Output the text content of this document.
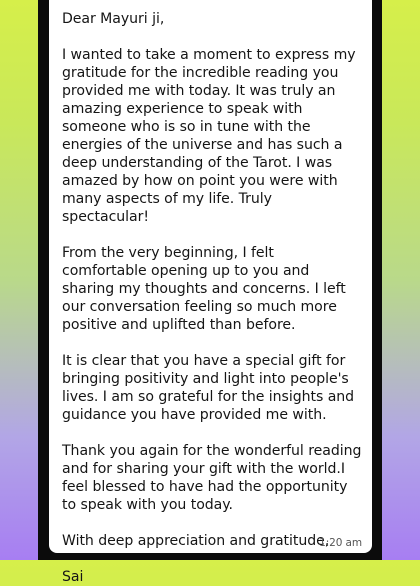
Dear Mayuri ji,

I wanted to take a moment to express my gratitude for the incredible reading you provided me with today. It was truly an amazing experience to speak with someone who is so in tune with the energies of the universe and has such a deep understanding of the Tarot. I was amazed by how on point you were with many aspects of my life. Truly spectacular!

From the very beginning, I felt comfortable opening up to you and sharing my thoughts and concerns. I left our conversation feeling so much more positive and uplifted than before.

It is clear that you have a special gift for bringing positivity and light into people's lives. I am so grateful for the insights and guidance you have provided me with.

Thank you again for the wonderful reading and for sharing your gift with the world.I feel blessed to have had the opportunity to speak with you today.

With deep appreciation and gratitude,

Sai

1:20 am
